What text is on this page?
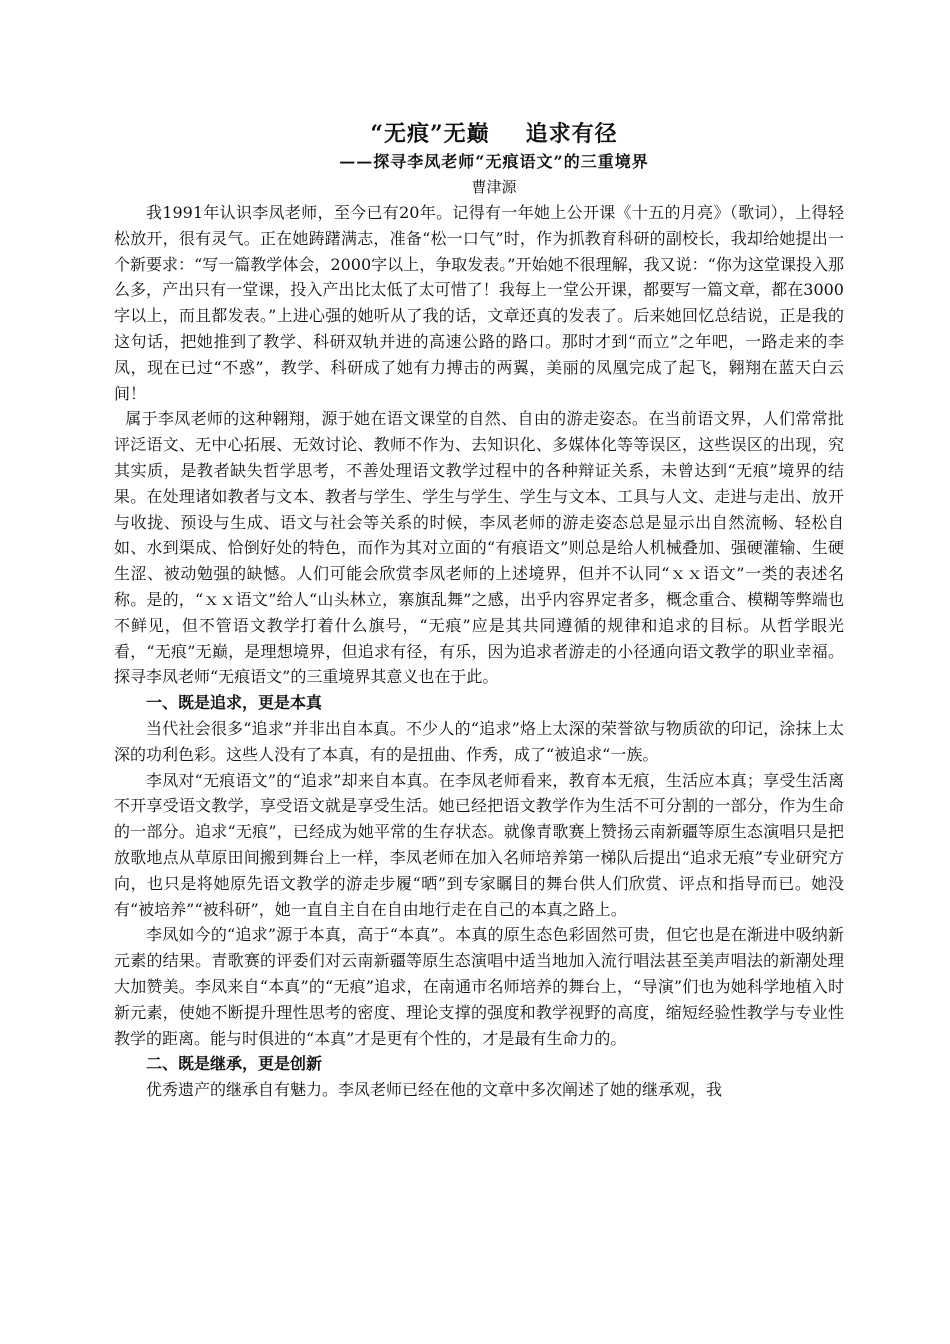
“无痕”无巅 追求有径
——探寻李凤老师“无痕语文”的三重境界
曹津源

我1991年认识李凤老师，至今已有20年。记得有一年她上公开课《十五的月亮》（歌词），上得轻松放开，很有灵气。正在她踌躇满志，准备“松一口气”时，作为抓教育科研的副校长，我却给她提出一个新要求：“写一篇教学体会，2000字以上，争取发表。”开始她不很理解，我又说：“你为这堂课投入那么多，产出只有一堂课，投入产出比太低了太可惜了！我每上一堂公开课，都要写一篇文章，都在3000字以上，而且都发表。”上进心强的她听从了我的话，文章还真的发表了。后来她回忆总结说，正是我的这句话，把她推到了教学、科研双轨并进的高速公路的路口。那时才到“而立”之年吧，一路走来的李凤，现在已过“不惑”，教学、科研成了她有力搏击的两翼，美丽的凤凰完成了起飞，翱翔在蓝天白云间！

属于李凤老师的这种翱翔，源于她在语文课堂的自然、自由的游走姿态。在当前语文界，人们常常批评泛语文、无中心拓展、无效讨论、教师不作为、去知识化、多媒体化等等误区，这些误区的出现，究其实质，是教者缺失哲学思考，不善处理语文教学过程中的各种辩证关系，未曾达到“无痕”境界的结果。在处理诸如教者与文本、教者与学生、学生与学生、学生与文本、工具与人文、走进与走出、放开与收拢、预设与生成、语文与社会等关系的时候，李凤老师的游走姿态总是显示出自然流畅、轻松自如、水到渠成、恰倒好处的特色，而作为其对立面的“有痕语文”则总是给人机械叠加、强硬灌输、生硬生涩、被动勉强的缺憾。人们可能会欣赏李凤老师的上述境界，但并不认同“ｘｘ语文”一类的表述名称。是的，“ｘｘ语文”给人“山头林立，寨旗乱舞”之感，出乎内容界定者多，概念重合、模糊等弊端也不鲜见，但不管语文教学打着什么旗号，“无痕”应是其共同遵循的规律和追求的目标。从哲学眼光看，“无痕”无巅，是理想境界，但追求有径，有乐，因为追求者游走的小径通向语文教学的职业幸福。探寻李凤老师“无痕语文”的三重境界其意义也在于此。

一、既是追求，更是本真

当代社会很多“追求”并非出自本真。不少人的“追求”烙上太深的荣誉欲与物质欲的印记，涂抹上太深的功利色彩。这些人没有了本真，有的是扭曲、作秀，成了“被追求“一族。

李凤对“无痕语文”的“追求”却来自本真。在李凤老师看来，教育本无痕，生活应本真；享受生活离不开享受语文教学，享受语文就是享受生活。她已经把语文教学作为生活不可分割的一部分，作为生命的一部分。追求“无痕”，已经成为她平常的生存状态。就像青歌赛上赞扬云南新疆等原生态演唱只是把放歌地点从草原田间搬到舞台上一样，李凤老师在加入名师培养第一梯队后提出“追求无痕”专业研究方向，也只是将她原先语文教学的游走步履“晒”到专家瞩目的舞台供人们欣赏、评点和指导而已。她没有“被培养”“被科研”，她一直自主自在自由地行走在自己的本真之路上。

李凤如今的“追求”源于本真，高于“本真”。本真的原生态色彩固然可贵，但它也是在渐进中吸纳新元素的结果。青歌赛的评委们对云南新疆等原生态演唱中适当地加入流行唱法甚至美声唱法的新潮处理大加赞美。李凤来自“本真”的“无痕”追求，在南通市名师培养的舞台上，“导演”们也为她科学地植入时新元素，使她不断提升理性思考的密度、理论支撑的强度和教学视野的高度，缩短经验性教学与专业性教学的距离。能与时俱进的“本真”才是更有个性的，才是最有生命力的。

二、既是继承，更是创新

优秀遗产的继承自有魅力。李凤老师已经在他的文章中多次阐述了她的继承观，我
